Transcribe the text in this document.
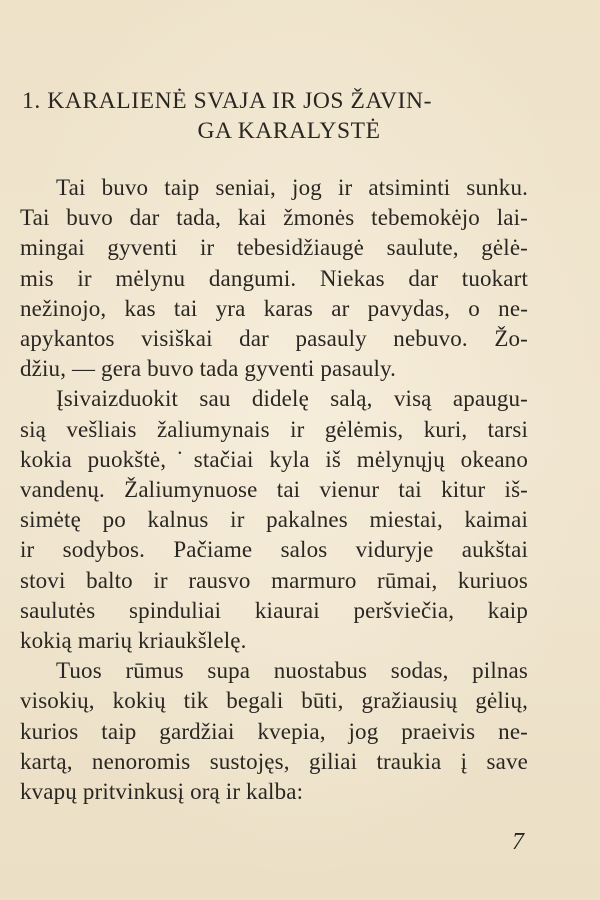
1. KARALIENĖ SVAJA IR JOS ŽAVIN-
GA KARALYSTĖ
Tai buvo taip seniai, jog ir atsiminti sunku.
Tai buvo dar tada, kai žmonės tebemokėjo lai-
mingai gyventi ir tebesidžiaugė saulute, gėlė-
mis ir mėlynu dangumi. Niekas dar tuokart
nežinojo, kas tai yra karas ar pavydas, o ne-
apykantos visiškai dar pasauly nebuvo. Žo-
džiu, — gera buvo tada gyventi pasauly.
Įsivaizduokit sau didelę salą, visą apaugu-
sią vešliais žaliumynais ir gėlėmis, kuri, tarsi
kokia puokštė,˙stačiai kyla iš mėlynųjų okeano
vandenų. Žaliumynuose tai vienur tai kitur iš-
simėtę po kalnus ir pakalnes miestai, kaimai
ir sodybos. Pačiame salos viduryje aukštai
stovi balto ir rausvo marmuro rūmai, kuriuos
saulutės spinduliai kiaurai peršviečia, kaip
kokią marių kriaukšlelę.
Tuos rūmus supa nuostabus sodas, pilnas
visokių, kokių tik begali būti, gražiausių gėlių,
kurios taip gardžiai kvepia, jog praeivis ne-
kartą, nenoromis sustojęs, giliai traukia į save
kvapų pritvinkusį orą ir kalba:
7
